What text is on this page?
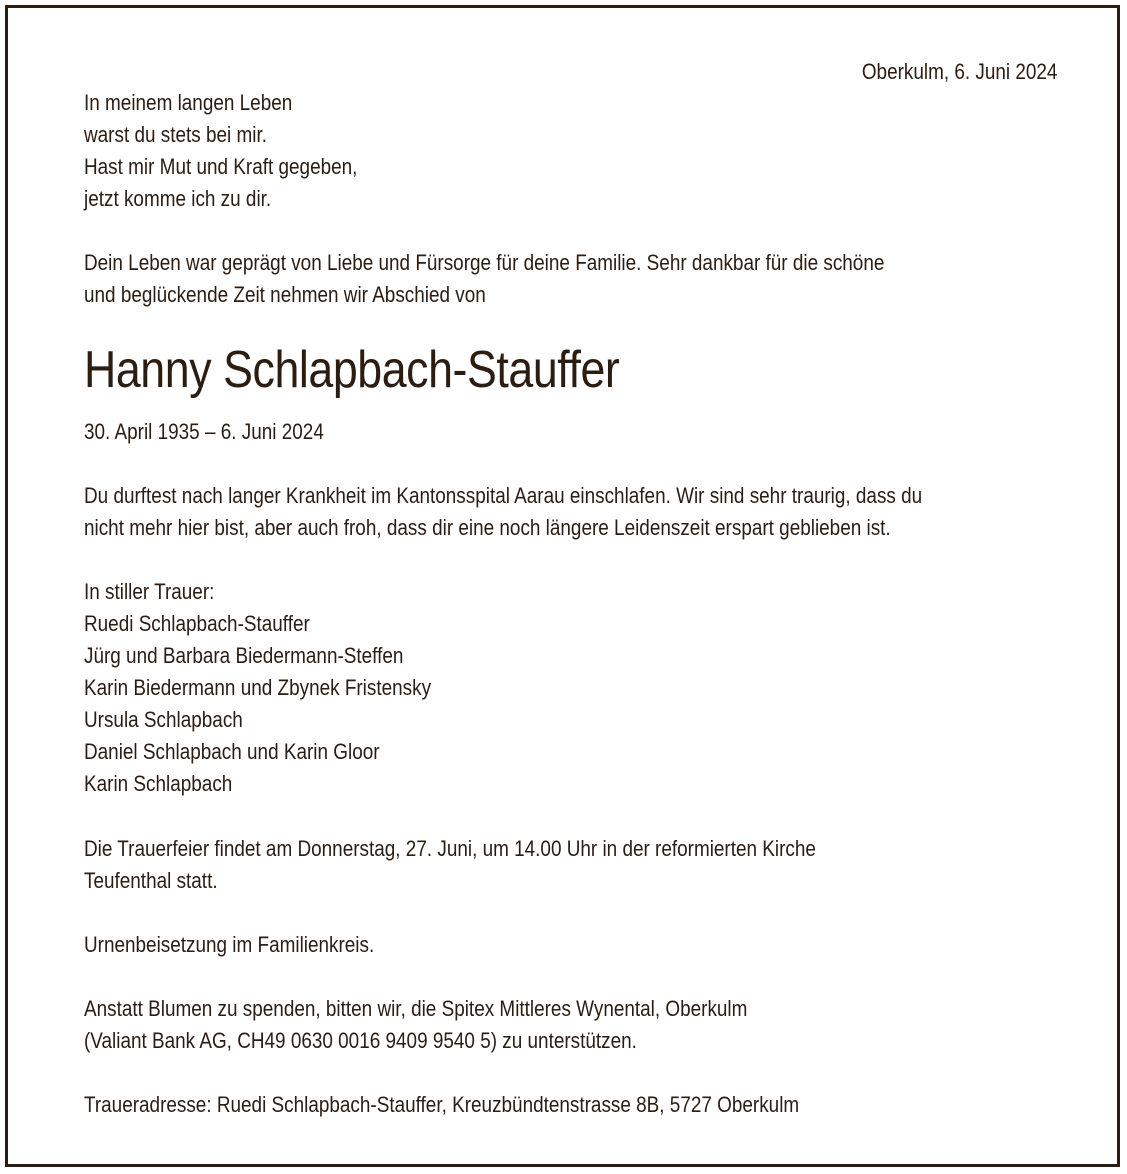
Oberkulm, 6. Juni 2024
In meinem langen Leben
warst du stets bei mir.
Hast mir Mut und Kraft gegeben,
jetzt komme ich zu dir.
Dein Leben war geprägt von Liebe und Fürsorge für deine Familie. Sehr dankbar für die schöne
und beglückende Zeit nehmen wir Abschied von
Hanny Schlapbach-Stauffer
30. April 1935 – 6. Juni 2024
Du durftest nach langer Krankheit im Kantonsspital Aarau einschlafen. Wir sind sehr traurig, dass du
nicht mehr hier bist, aber auch froh, dass dir eine noch längere Leidenszeit erspart geblieben ist.
In stiller Trauer:
Ruedi Schlapbach-Stauffer
Jürg und Barbara Biedermann-Steffen
Karin Biedermann und Zbynek Fristensky
Ursula Schlapbach
Daniel Schlapbach und Karin Gloor
Karin Schlapbach
Die Trauerfeier findet am Donnerstag, 27. Juni, um 14.00 Uhr in der reformierten Kirche
Teufenthal statt.
Urnenbeisetzung im Familienkreis.
Anstatt Blumen zu spenden, bitten wir, die Spitex Mittleres Wynental, Oberkulm
(Valiant Bank AG, CH49 0630 0016 9409 9540 5) zu unterstützen.
Traueradresse: Ruedi Schlapbach-Stauffer, Kreuzbündtenstrasse 8B, 5727 Oberkulm
